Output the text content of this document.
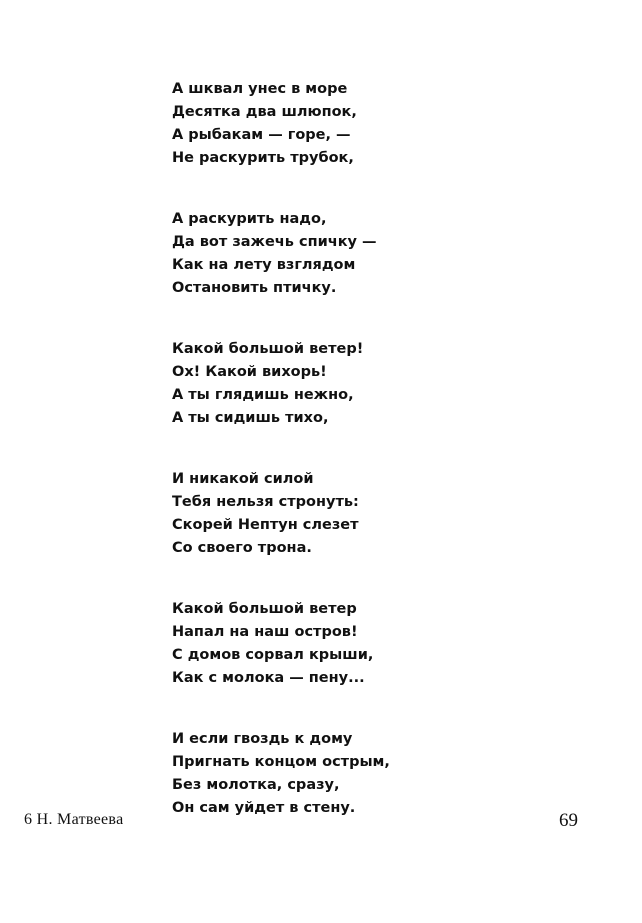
А шквал унес в море
Десятка два шлюпок,
А рыбакам — горе, —
Не раскурить трубок,
А раскурить надо,
Да вот зажечь спичку —
Как на лету взглядом
Остановить птичку.
Какой большой ветер!
Ох! Какой вихорь!
А ты глядишь нежно,
А ты сидишь тихо,
И никакой силой
Тебя нельзя стронуть:
Скорей Нептун слезет
Со своего трона.
Какой большой ветер
Напал на наш остров!
С домов сорвал крыши,
Как с молока — пену...
И если гвоздь к дому
Пригнать концом острым,
Без молотка, сразу,
Он сам уйдет в стену.
6 Н. Матвеева	69
